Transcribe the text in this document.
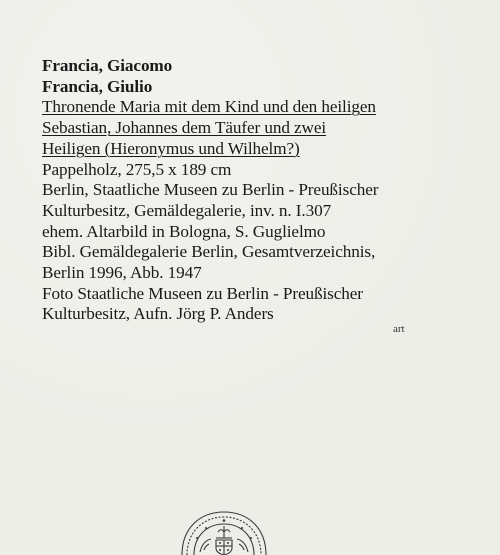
Francia, Giacomo
Francia, Giulio
Thronende Maria mit dem Kind und den heiligen
Sebastian, Johannes dem Täufer und zwei
Heiligen (Hieronymus und Wilhelm?)
Pappelholz, 275,5 x 189 cm
Berlin, Staatliche Museen zu Berlin - Preußischer
Kulturbesitz, Gemäldegalerie, inv. n. I.307
ehem. Altarbild in Bologna, S. Guglielmo
Bibl. Gemäldegalerie Berlin, Gesamtverzeichnis,
Berlin 1996, Abb. 1947
Foto Staatliche Museen zu Berlin - Preußischer
Kulturbesitz, Aufn. Jörg P. Anders
art
